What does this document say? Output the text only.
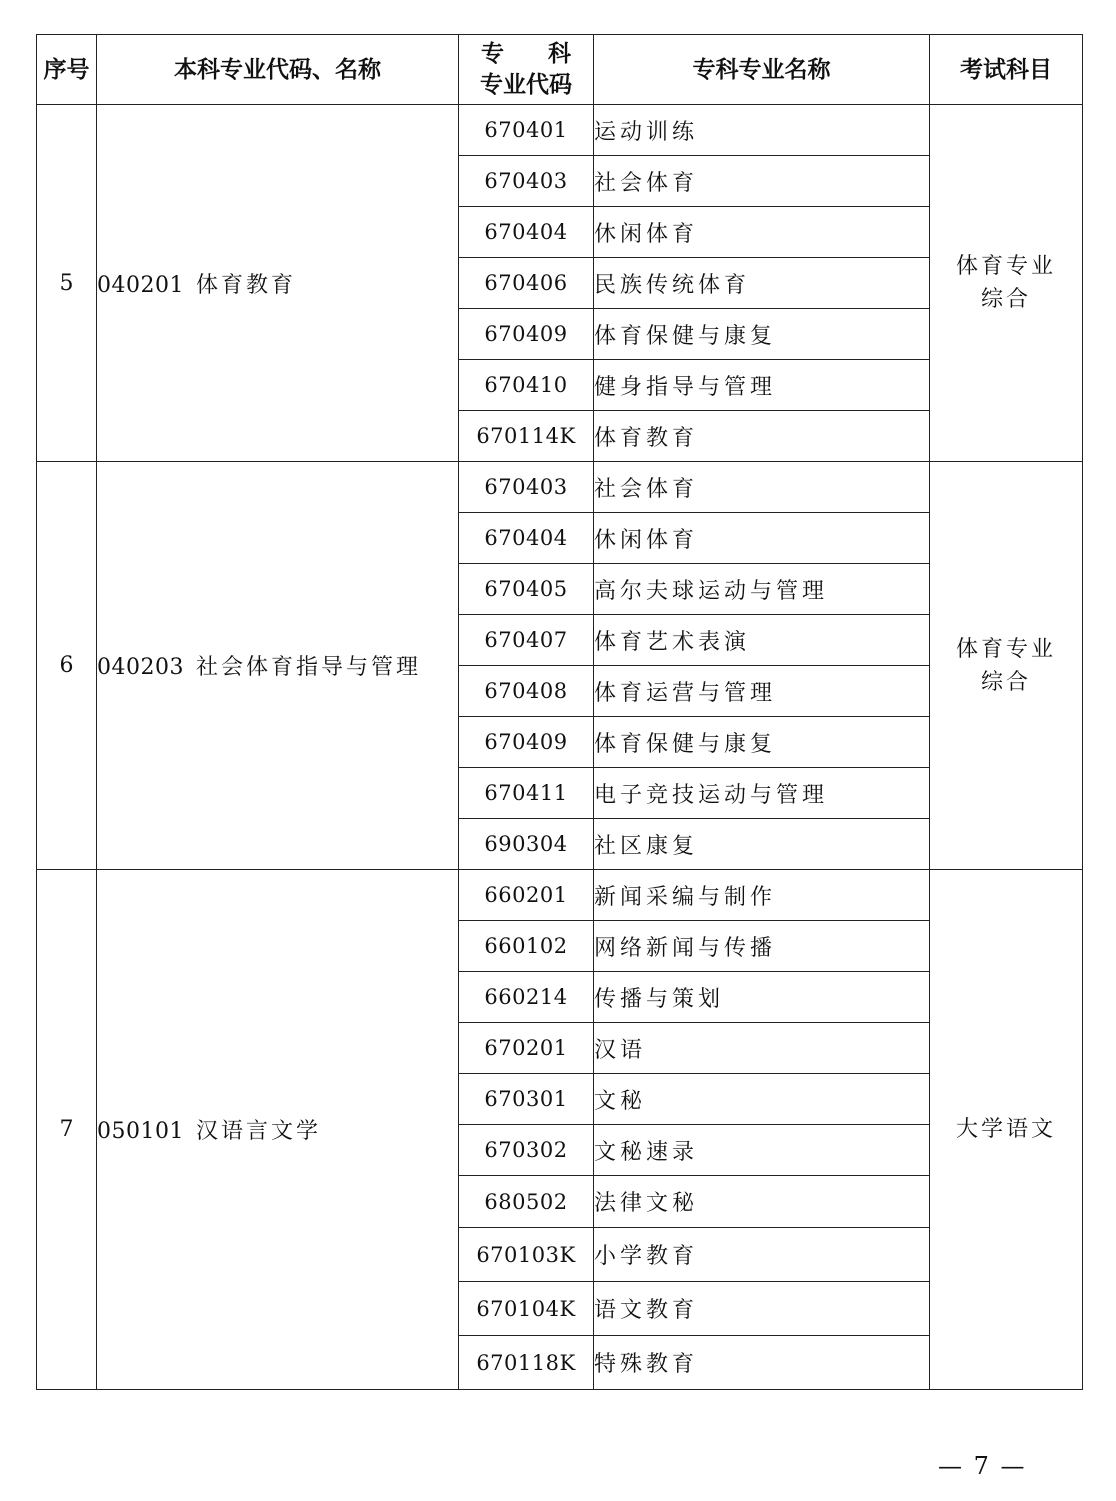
序号	本科专业代码、名称	专 科
专业代码	专科专业名称	考试科目
5	040201 体育教育	670401	运动训练	体育专业
综合
		670403	社会体育	
		670404	休闲体育	
		670406	民族传统体育	
		670409	体育保健与康复	
		670410	健身指导与管理	
		670114K	体育教育	
6	040203 社会体育指导与管理	670403	社会体育	体育专业
综合
		670404	休闲体育	
		670405	高尔夫球运动与管理	
		670407	体育艺术表演	
		670408	体育运营与管理	
		670409	体育保健与康复	
		670411	电子竞技运动与管理	
		690304	社区康复	
7	050101 汉语言文学	660201	新闻采编与制作	大学语文
		660102	网络新闻与传播	
		660214	传播与策划	
		670201	汉语	
		670301	文秘	
		670302	文秘速录	
		680502	法律文秘	
		670103K	小学教育	
		670104K	语文教育	
		670118K	特殊教育	
— 7 —
